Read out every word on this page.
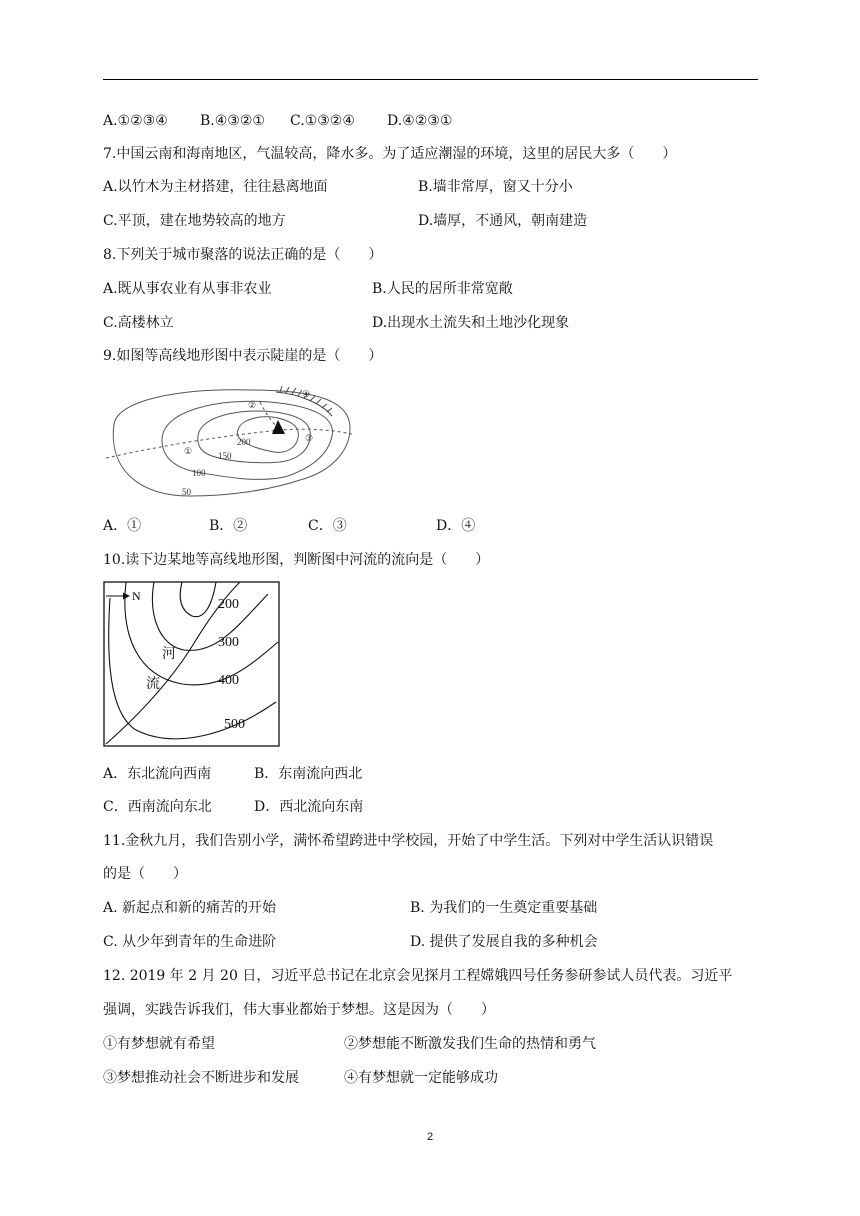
A.①②③④ B.④③②① C.①③②④ D.④②③①
7.中国云南和海南地区，气温较高，降水多。为了适应潮湿的环境，这里的居民大多（　　）
A.以竹木为主材搭建，往往悬离地面	B.墙非常厚，窗又十分小
C.平顶，建在地势较高的地方	D.墙厚，不通风，朝南建造
8.下列关于城市聚落的说法正确的是（　　）
A.既从事农业有从事非农业	B.人民的居所非常宽敞
C.高楼林立	D.出现水土流失和土地沙化现象
9.如图等高线地形图中表示陡崖的是（　　）
200
150
100
50
①
②
③
④
A．①	B．②	C．③	D．④
10.读下边某地等高线地形图，判断图中河流的流向是（　　）
N
200
300
400
500
河
流
A．东北流向西南	B．东南流向西北
C．西南流向东北	D．西北流向东南
11.金秋九月，我们告别小学，满怀希望跨进中学校园，开始了中学生活。下列对中学生活认识错误
的是（　　）
A. 新起点和新的痛苦的开始	B. 为我们的一生奠定重要基础
C. 从少年到青年的生命进阶	D. 提供了发展自我的多种机会
12. 2019 年 2 月 20 日，习近平总书记在北京会见探月工程嫦娥四号任务参研参试人员代表。习近平
强调，实践告诉我们，伟大事业都始于梦想。这是因为（　　）
①有梦想就有希望	②梦想能不断激发我们生命的热情和勇气
③梦想推动社会不断进步和发展	④有梦想就一定能够成功
2
